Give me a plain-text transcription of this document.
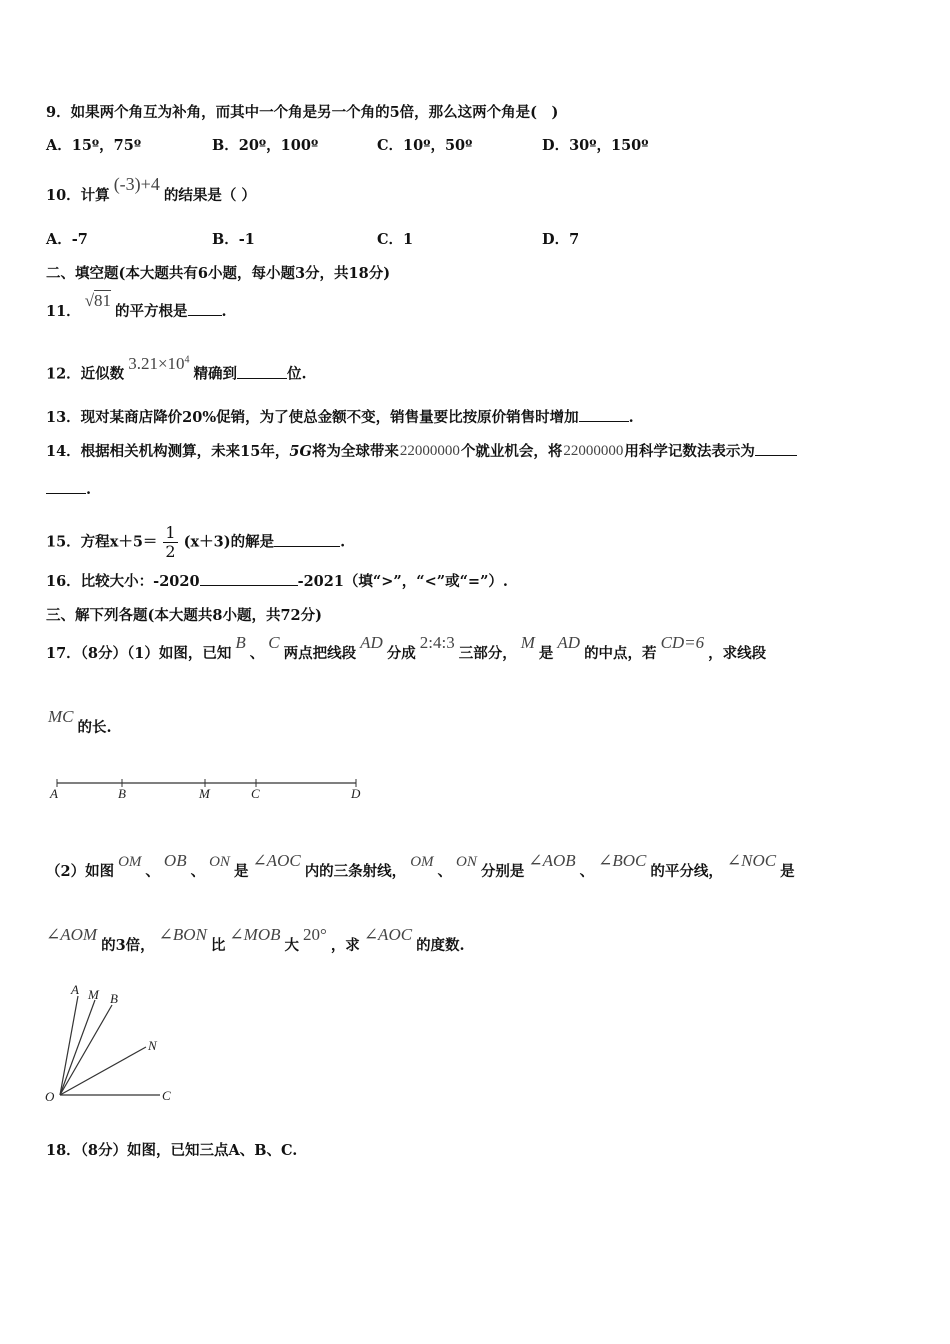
9．如果两个角互为补角，而其中一个角是另一个角的5倍，那么这两个角是(　)
A．15º，75º	B．20º，100º	C．10º，50º	D．30º，150º
10．计算(-3)+4的结果是（ ）
A．-7	B．-1	C．1	D．7
二、填空题(本大题共有6小题，每小题3分，共18分)
11．√81的平方根是 .
12．近似数$3.21\times 10^4$精确到	位.
13．现对某商店降价20%促销，为了使总金额不变，销售量要比按原价销售时增加	.
14．根据相关机构测算，未来15年，5G将为全球带来22000000个就业机会，将22000000用科学记数法表示为
.
15．方程$x+5= \frac{1}{2} (x+3)$的解是	.
16．比较大小：-2020	-2021（填“>”，“<”或“=”）.
三、解下列各题(本大题共8小题，共72分)
17．（8分）（1）如图，已知B、C两点把线段AD分成2:4:3三部分，M是AD的中点，若CD=6，求线段
MC的长.
A	B	M	C	D
（2）如图OM、OB、ON是∠AOC内的三条射线，OM、ON分别是∠AOB、∠BOC的平分线，∠NOC是
∠AOM的3倍，∠BON比∠MOB大20°，求∠AOC的度数.
A M B
N
O	C
18．（8分）如图，已知三点A、B、C.
